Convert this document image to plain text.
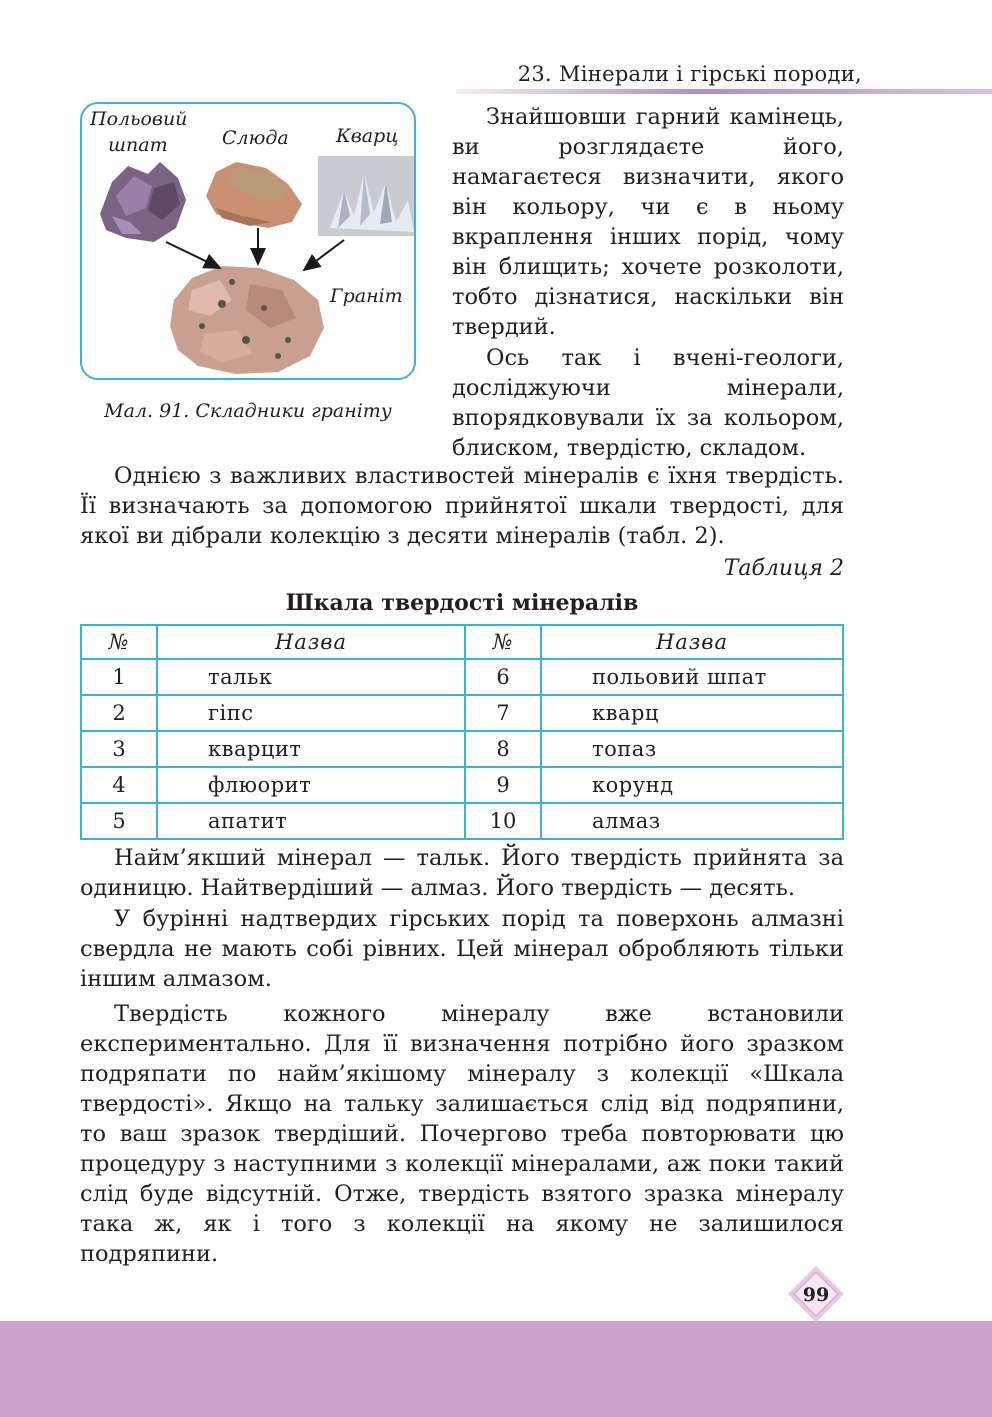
23. Мінерали і гірські породи,
Польовий
шпат	Слюда Кварц
Граніт
Мал. 91. Складники граніту

Знайшовши гарний камінець, ви розглядаєте його, намагаєтеся визначити, якого він кольору, чи є в ньому вкраплення інших порід, чому він блищить; хочете розколоти, тобто дізнатися, наскільки він твердий.

Ось так і вчені-геологи, досліджуючи мінерали, впорядковували їх за кольором, блиском, твердістю, складом.

Однією з важливих властивостей мінералів є їхня твердість. Її визначають за допомогою прийнятої шкали твердості, для якої ви дібрали колекцію з десяти мінералів (табл. 2).

Таблиця 2
Шкала твердості мінералів
№	Назва	№	Назва
1	тальк	6	польовий шпат
2	гіпс	7	кварц
3	кварцит	8	топаз
4	флюорит	9	корунд
5	апатит	10	алмаз

Найм’якший мінерал — тальк. Його твердість прийнята за одиницю. Найтвердіший — алмаз. Його твердість — десять.

У бурінні надтвердих гірських порід та поверхонь алмазні свердла не мають собі рівних. Цей мінерал обробляють тільки іншим алмазом.

Твердість кожного мінералу вже встановили експериментально. Для її визначення потрібно його зразком подряпати по найм’якішому мінералу з колекції «Шкала твердості». Якщо на тальку залишається слід від подряпини, то ваш зразок твердіший. Почергово треба повторювати цю процедуру з наступними з колекції мінералами, аж поки такий слід буде відсутній. Отже, твердість взятого зразка мінералу така ж, як і того з колекції на якому не залишилося подряпини.

99
